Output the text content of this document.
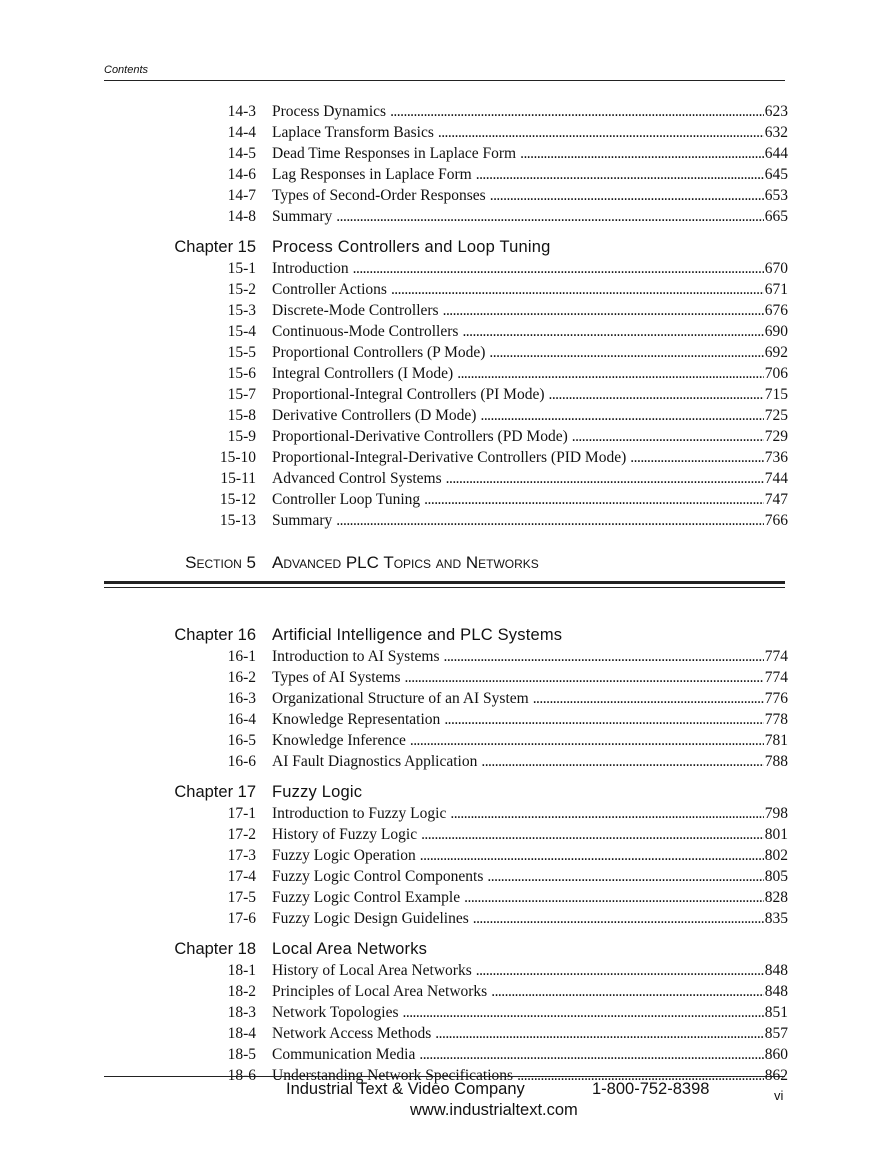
Contents
14-3 Process Dynamics . . .	623
14-4 Laplace Transform Basics . . .	632
14-5 Dead Time Responses in Laplace Form . . .	644
14-6 Lag Responses in Laplace Form . . .	645
14-7 Types of Second-Order Responses . . .	653
14-8 Summary . . .	665
Chapter 15 Process Controllers and Loop Tuning
15-1 Introduction . . .	670
15-2 Controller Actions . . .	671
15-3 Discrete-Mode Controllers . . .	676
15-4 Continuous-Mode Controllers . . .	690
15-5 Proportional Controllers (P Mode) . . .	692
15-6 Integral Controllers (I Mode) . . .	706
15-7 Proportional-Integral Controllers (PI Mode) . . .	715
15-8 Derivative Controllers (D Mode) . . .	725
15-9 Proportional-Derivative Controllers (PD Mode) . . .	729
15-10 Proportional-Integral-Derivative Controllers (PID Mode) . . .	736
15-11 Advanced Control Systems . . .	744
15-12 Controller Loop Tuning . . .	747
15-13 Summary . . .	766
Section 5 Advanced PLC Topics and Networks
Chapter 16 Artificial Intelligence and PLC Systems
16-1 Introduction to AI Systems . . .	774
16-2 Types of AI Systems . . .	774
16-3 Organizational Structure of an AI System . . .	776
16-4 Knowledge Representation . . .	778
16-5 Knowledge Inference . . .	781
16-6 AI Fault Diagnostics Application . . .	788
Chapter 17 Fuzzy Logic
17-1 Introduction to Fuzzy Logic . . .	798
17-2 History of Fuzzy Logic . . .	801
17-3 Fuzzy Logic Operation . . .	802
17-4 Fuzzy Logic Control Components . . .	805
17-5 Fuzzy Logic Control Example . . .	828
17-6 Fuzzy Logic Design Guidelines . . .	835
Chapter 18 Local Area Networks
18-1 History of Local Area Networks . . .	848
18-2 Principles of Local Area Networks . . .	848
18-3 Network Topologies . . .	851
18-4 Network Access Methods . . .	857
18-5 Communication Media . . .	860
18-6 Understanding Network Specifications . . .	862
Industrial Text & Video Company	1-800-752-8398
www.industrialtext.com
vi
